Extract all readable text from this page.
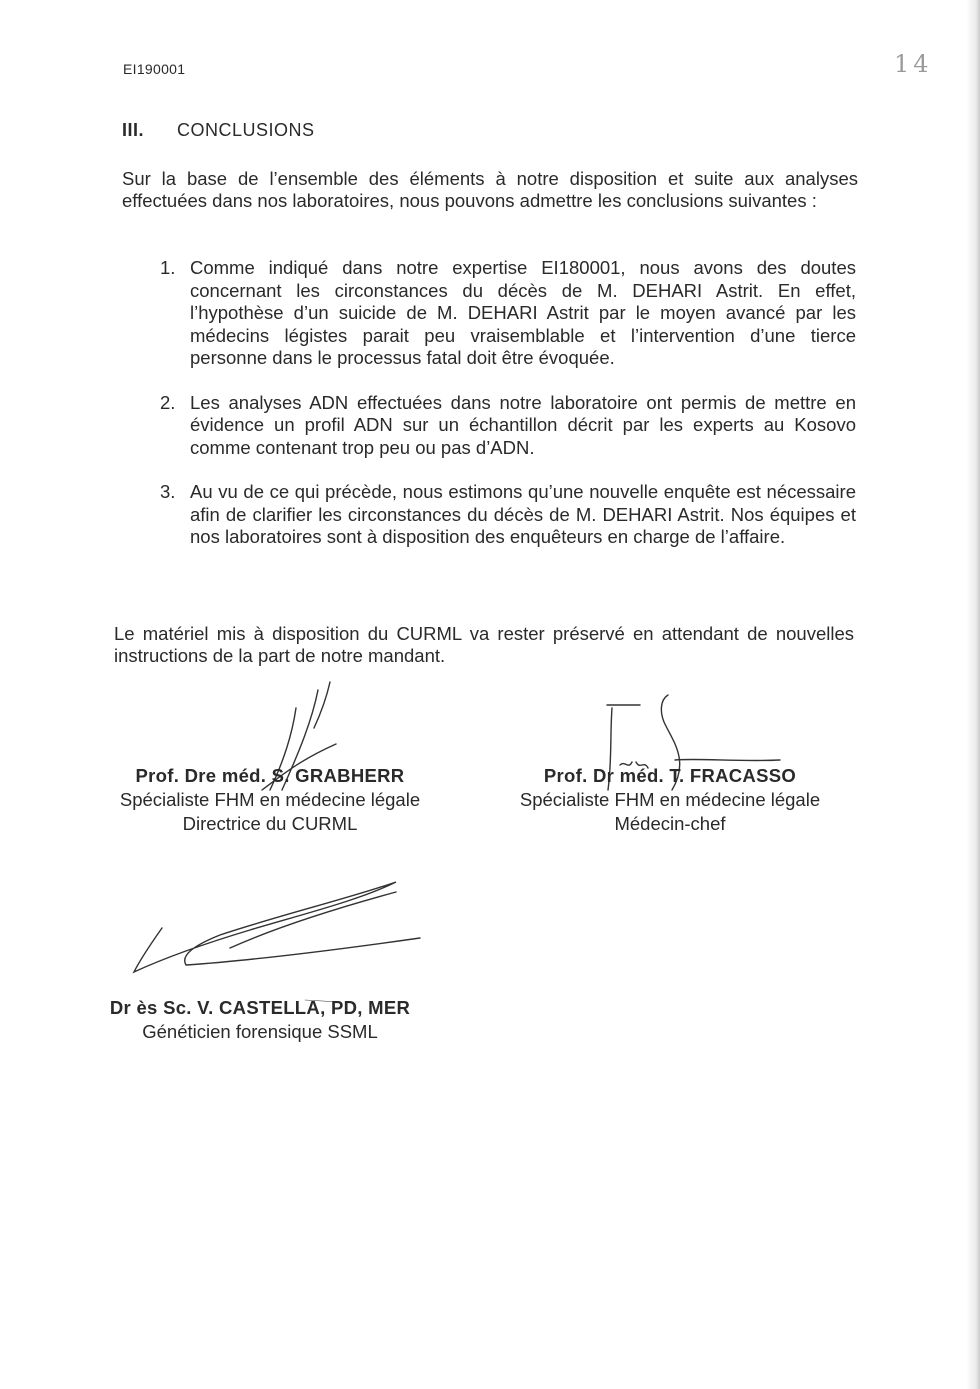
EI190001	14
III. CONCLUSIONS
Sur la base de l’ensemble des éléments à notre disposition et suite aux analyses effectuées dans nos laboratoires, nous pouvons admettre les conclusions suivantes :
1. Comme indiqué dans notre expertise EI180001, nous avons des doutes concernant les circonstances du décès de M. DEHARI Astrit. En effet, l’hypothèse d’un suicide de M. DEHARI Astrit par le moyen avancé par les médecins légistes parait peu vraisemblable et l’intervention d’une tierce personne dans le processus fatal doit être évoquée.
2. Les analyses ADN effectuées dans notre laboratoire ont permis de mettre en évidence un profil ADN sur un échantillon décrit par les experts au Kosovo comme contenant trop peu ou pas d’ADN.
3. Au vu de ce qui précède, nous estimons qu’une nouvelle enquête est nécessaire afin de clarifier les circonstances du décès de M. DEHARI Astrit. Nos équipes et nos laboratoires sont à disposition des enquêteurs en charge de l’affaire.
Le matériel mis à disposition du CURML va rester préservé en attendant de nouvelles instructions de la part de notre mandant.
Prof. Dre méd. S. GRABHERR
Spécialiste FHM en médecine légale
Directrice du CURML
Prof. Dr méd. T. FRACASSO
Spécialiste FHM en médecine légale
Médecin-chef
Dr ès Sc. V. CASTELLA, PD, MER
Généticien forensique SSML
